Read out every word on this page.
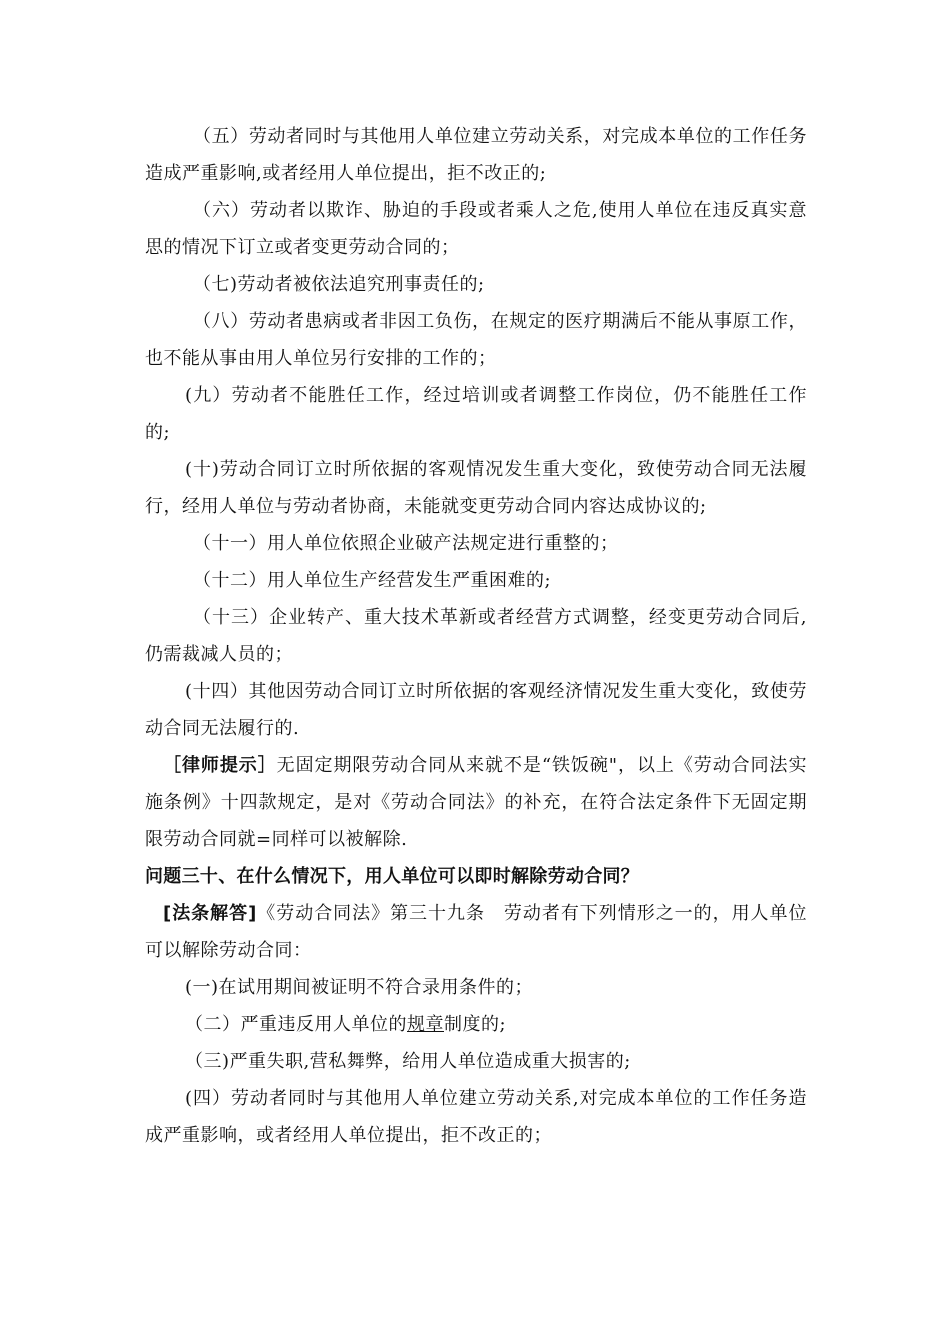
（五）劳动者同时与其他用人单位建立劳动关系，对完成本单位的工作任务造成严重影响,或者经用人单位提出，拒不改正的;

（六）劳动者以欺诈、胁迫的手段或者乘人之危,使用人单位在违反真实意思的情况下订立或者变更劳动合同的；

（七)劳动者被依法追究刑事责任的;

（八）劳动者患病或者非因工负伤，在规定的医疗期满后不能从事原工作，也不能从事由用人单位另行安排的工作的；

(九）劳动者不能胜任工作，经过培训或者调整工作岗位，仍不能胜任工作的;

(十)劳动合同订立时所依据的客观情况发生重大变化，致使劳动合同无法履行，经用人单位与劳动者协商，未能就变更劳动合同内容达成协议的;

（十一）用人单位依照企业破产法规定进行重整的；

（十二）用人单位生产经营发生严重困难的;

（十三）企业转产、重大技术革新或者经营方式调整，经变更劳动合同后,仍需裁减人员的；

(十四）其他因劳动合同订立时所依据的客观经济情况发生重大变化，致使劳动合同无法履行的.

［律师提示］无固定期限劳动合同从来就不是“铁饭碗"，以上《劳动合同法实施条例》十四款规定，是对《劳动合同法》的补充，在符合法定条件下无固定期限劳动合同就=同样可以被解除.

问题三十、在什么情况下，用人单位可以即时解除劳动合同？

[法条解答]《劳动合同法》第三十九条　劳动者有下列情形之一的，用人单位可以解除劳动合同：

(一)在试用期间被证明不符合录用条件的；

（二）严重违反用人单位的规章制度的;

（三)严重失职,营私舞弊，给用人单位造成重大损害的;

(四）劳动者同时与其他用人单位建立劳动关系,对完成本单位的工作任务造成严重影响，或者经用人单位提出，拒不改正的；
